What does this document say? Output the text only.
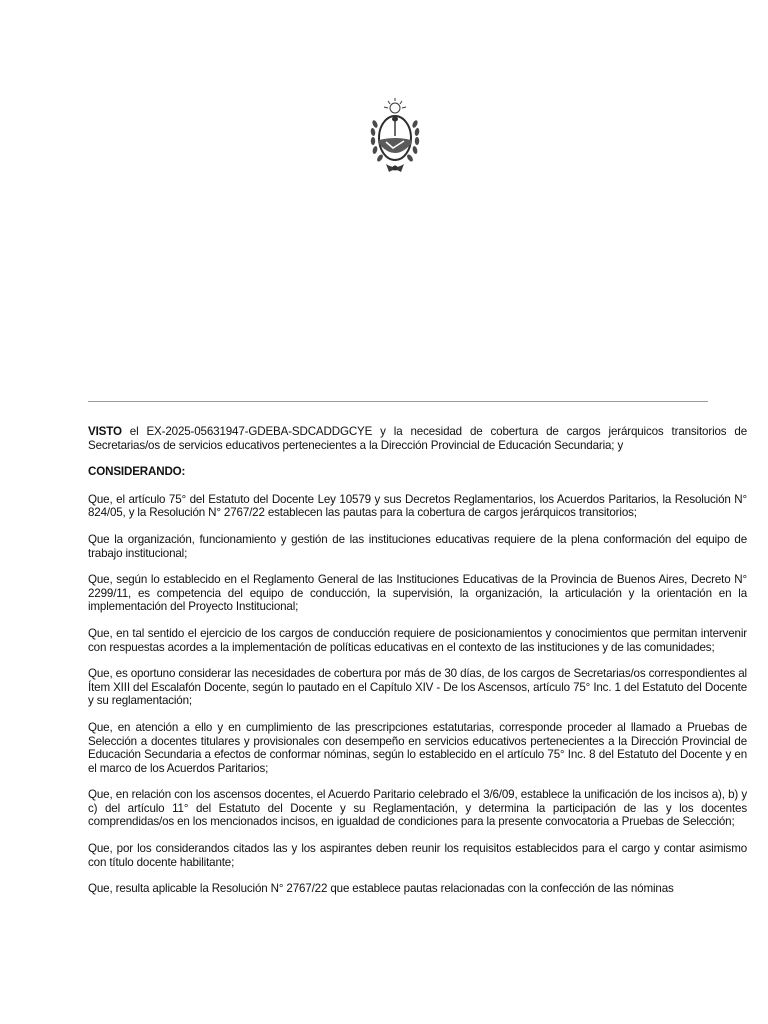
VISTO el EX-2025-05631947-GDEBA-SDCADDGCYE y la necesidad de cobertura de cargos jerárquicos transitorios de Secretarias/os de servicios educativos pertenecientes a la Dirección Provincial de Educación Secundaria; y

CONSIDERANDO:

Que, el artículo 75° del Estatuto del Docente Ley 10579 y sus Decretos Reglamentarios, los Acuerdos Paritarios, la Resolución N° 824/05, y la Resolución N° 2767/22 establecen las pautas para la cobertura de cargos jerárquicos transitorios;

Que la organización, funcionamiento y gestión de las instituciones educativas requiere de la plena conformación del equipo de trabajo institucional;

Que, según lo establecido en el Reglamento General de las Instituciones Educativas de la Provincia de Buenos Aires, Decreto N° 2299/11, es competencia del equipo de conducción, la supervisión, la organización, la articulación y la orientación en la implementación del Proyecto Institucional;

Que, en tal sentido el ejercicio de los cargos de conducción requiere de posicionamientos y conocimientos que permitan intervenir con respuestas acordes a la implementación de políticas educativas en el contexto de las instituciones y de las comunidades;

Que, es oportuno considerar las necesidades de cobertura por más de 30 días, de los cargos de Secretarias/os correspondientes al Ítem XIII del Escalafón Docente, según lo pautado en el Capítulo XIV - De los Ascensos, artículo 75° Inc. 1 del Estatuto del Docente y su reglamentación;

Que, en atención a ello y en cumplimiento de las prescripciones estatutarias, corresponde proceder al llamado a Pruebas de Selección a docentes titulares y provisionales con desempeño en servicios educativos pertenecientes a la Dirección Provincial de Educación Secundaria a efectos de conformar nóminas, según lo establecido en el artículo 75° Inc. 8 del Estatuto del Docente y en el marco de los Acuerdos Paritarios;

Que, en relación con los ascensos docentes, el Acuerdo Paritario celebrado el 3/6/09, establece la unificación de los incisos a), b) y c) del artículo 11° del Estatuto del Docente y su Reglamentación, y determina la participación de las y los docentes comprendidas/os en los mencionados incisos, en igualdad de condiciones para la presente convocatoria a Pruebas de Selección;

Que, por los considerandos citados las y los aspirantes deben reunir los requisitos establecidos para el cargo y contar asimismo con título docente habilitante;

Que, resulta aplicable la Resolución N° 2767/22 que establece pautas relacionadas con la confección de las nóminas
